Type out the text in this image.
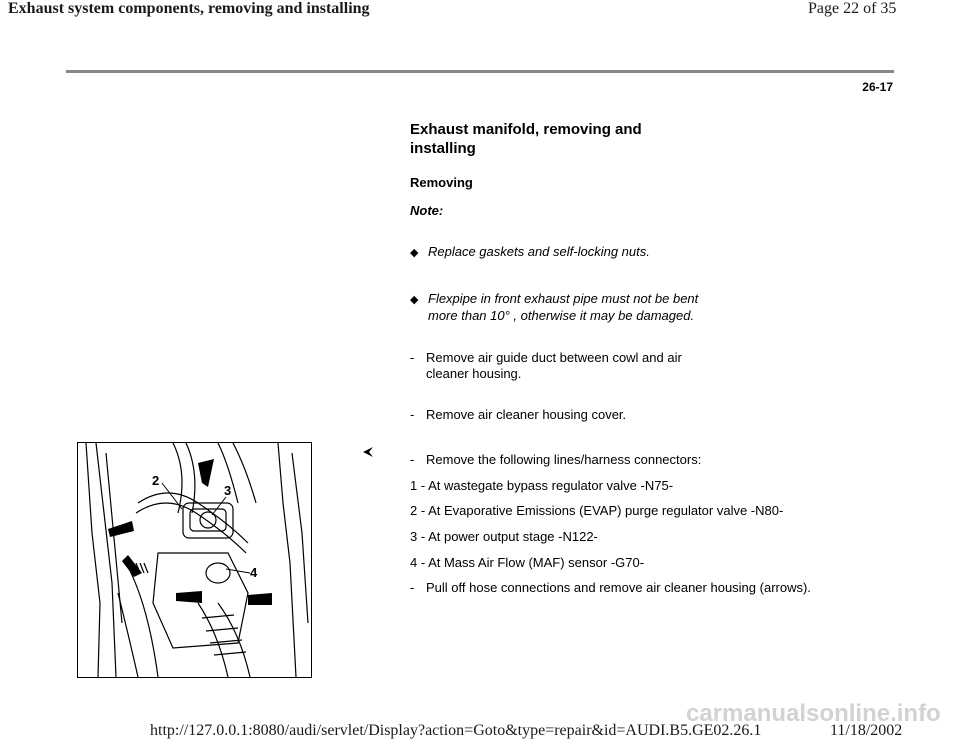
Exhaust system components, removing and installing	Page 22 of 35
26-17
Exhaust manifold, removing and
installing
Removing
Note:
◆ Replace gaskets and self-locking nuts.
◆ Flexpipe in front exhaust pipe must not be bent
more than 10° , otherwise it may be damaged.
- Remove air guide duct between cowl and air
cleaner housing.
- Remove air cleaner housing cover.
2
3
4
- Remove the following lines/harness connectors:
1 - At wastegate bypass regulator valve -N75-
2 - At Evaporative Emissions (EVAP) purge regulator valve -N80-
3 - At power output stage -N122-
4 - At Mass Air Flow (MAF) sensor -G70-
- Pull off hose connections and remove air cleaner housing (arrows).
carmanualsonline.info
http://127.0.0.1:8080/audi/servlet/Display?action=Goto&type=repair&id=AUDI.B5.GE02.26.1	11/18/2002
